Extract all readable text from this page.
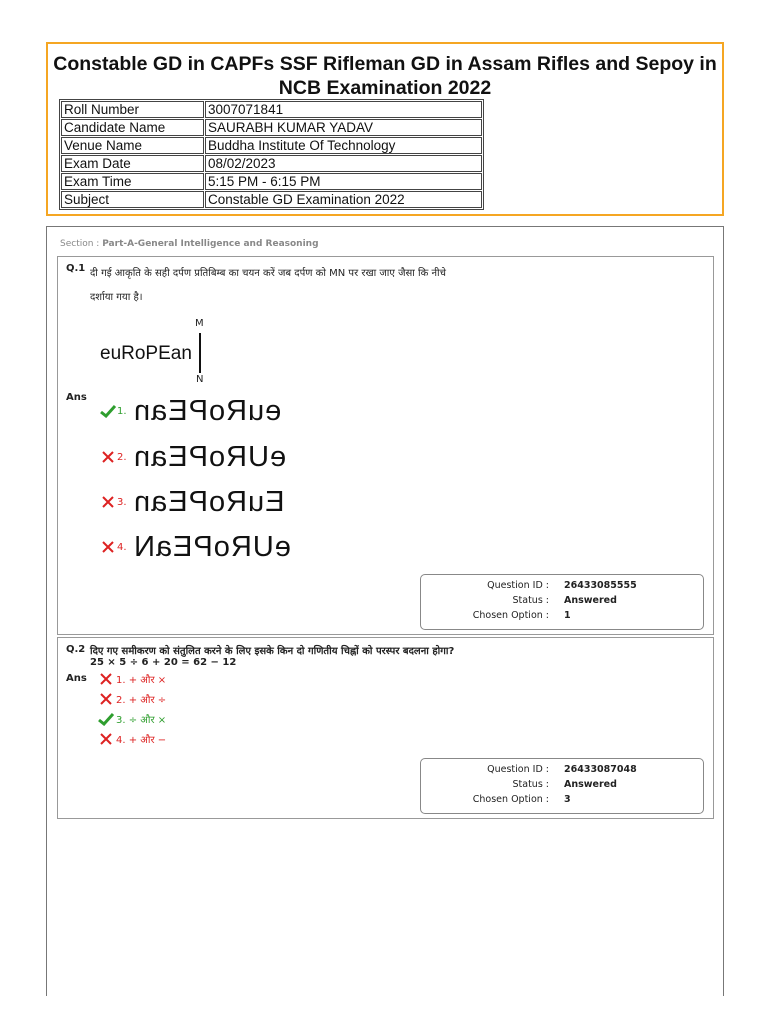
Constable GD in CAPFs SSF Rifleman GD in Assam Rifles and Sepoy in
NCB Examination 2022
Roll Number	3007071841
Candidate Name	SAURABH KUMAR YADAV
Venue Name	Buddha Institute Of Technology
Exam Date	08/02/2023
Exam Time	5:15 PM - 6:15 PM
Subject	Constable GD Examination 2022
Section : Part-A-General Intelligence and Reasoning
Q.1 दी गई आकृति के सही दर्पण प्रतिबिम्ब का चयन करें जब दर्पण को MN पर रखा जाए जैसा कि नीचे
दर्शाया गया है।
M
euRoPEan
N
Ans
1. euRoPEan
2. eURoPEan
3. EuRoPEan
4. eURoPEaN
Question ID : 26433085555
Status : Answered
Chosen Option : 1
Q.2 दिए गए समीकरण को संतुलित करने के लिए इसके किन दो गणितीय चिह्नों को परस्पर बदलना होगा?
25 × 5 ÷ 6 + 20 = 62 − 12
Ans	1. + और ×
2. + और ÷
3. ÷ और ×
4. + और −
Question ID : 26433087048
Status : Answered
Chosen Option : 3
